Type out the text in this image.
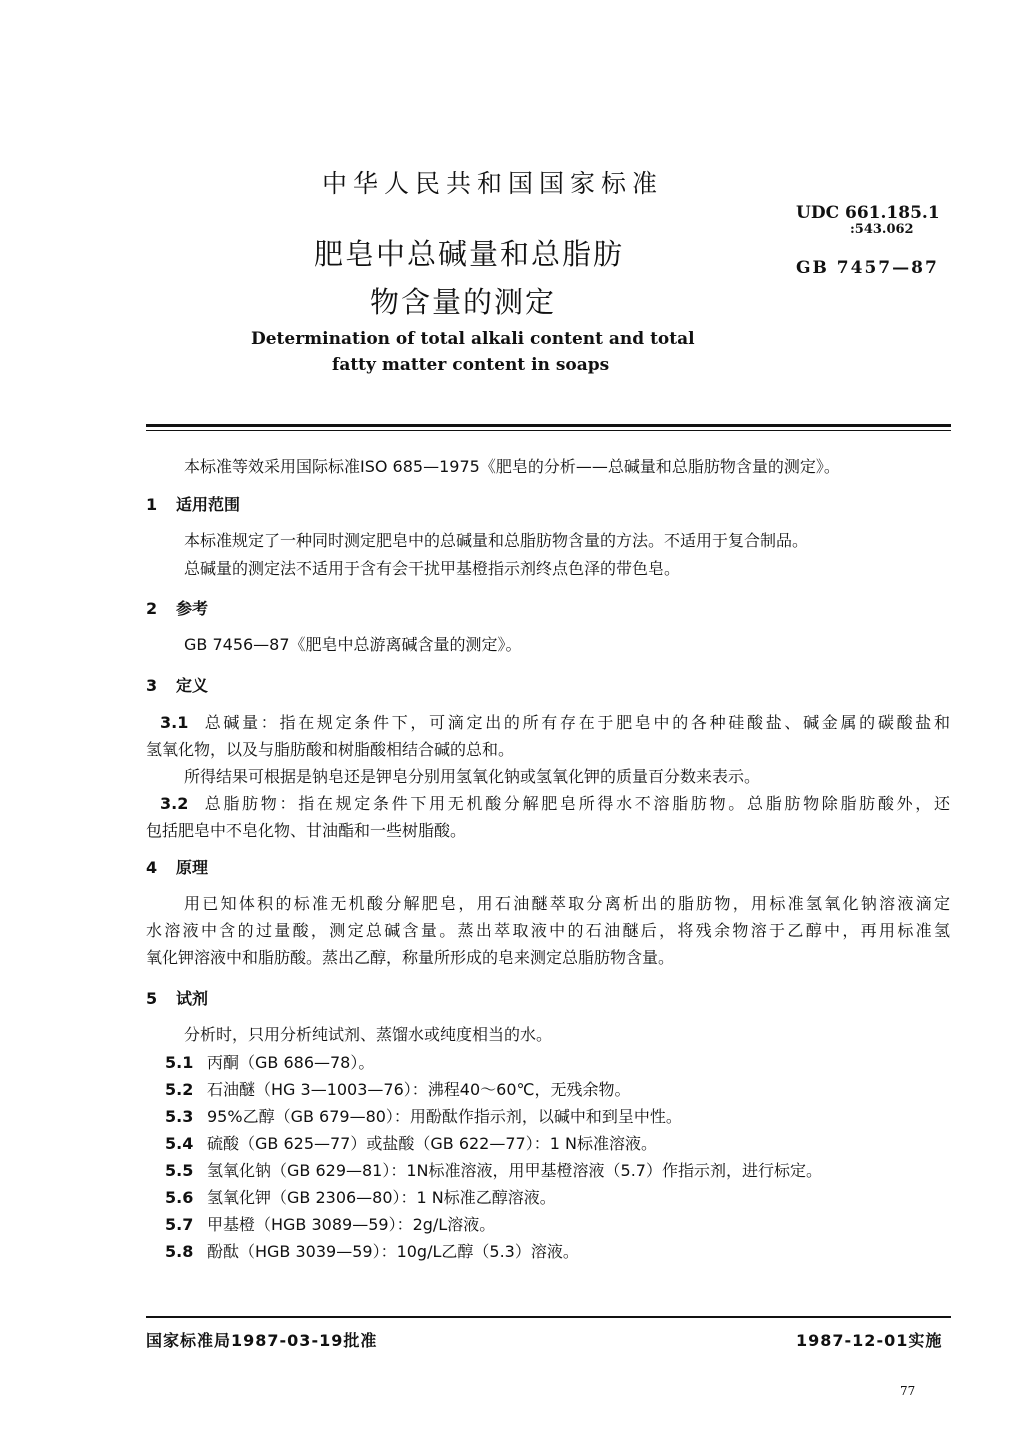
中华人民共和国国家标准
肥皂中总碱量和总脂肪
物含量的测定
UDC 661.185.1
:543.062
GB 7457—87
Determination of total alkali content and total
fatty matter content in soaps
本标准等效采用国际标准ISO 685—1975《肥皂的分析——总碱量和总脂肪物含量的测定》。
1 适用范围
本标准规定了一种同时测定肥皂中的总碱量和总脂肪物含量的方法。不适用于复合制品。
总碱量的测定法不适用于含有会干扰甲基橙指示剂终点色泽的带色皂。
2 参考
GB 7456—87《肥皂中总游离碱含量的测定》。
3 定义
3.1 总碱量：指在规定条件下，可滴定出的所有存在于肥皂中的各种硅酸盐、碱金属的碳酸盐和
氢氧化物，以及与脂肪酸和树脂酸相结合碱的总和。
所得结果可根据是钠皂还是钾皂分别用氢氧化钠或氢氧化钾的质量百分数来表示。
3.2 总脂肪物：指在规定条件下用无机酸分解肥皂所得水不溶脂肪物。总脂肪物除脂肪酸外，还
包括肥皂中不皂化物、甘油酯和一些树脂酸。
4 原理
用已知体积的标准无机酸分解肥皂，用石油醚萃取分离析出的脂肪物，用标准氢氧化钠溶液滴定
水溶液中含的过量酸，测定总碱含量。蒸出萃取液中的石油醚后，将残余物溶于乙醇中，再用标准氢
氧化钾溶液中和脂肪酸。蒸出乙醇，称量所形成的皂来测定总脂肪物含量。
5 试剂
分析时，只用分析纯试剂、蒸馏水或纯度相当的水。
5.1 丙酮（GB 686—78）。
5.2 石油醚（HG 3—1003—76）：沸程40～60℃，无残余物。
5.3 95%乙醇（GB 679—80）：用酚酞作指示剂，以碱中和到呈中性。
5.4 硫酸（GB 625—77）或盐酸（GB 622—77）：1 N标准溶液。
5.5 氢氧化钠（GB 629—81）：1N标准溶液，用甲基橙溶液（5.7）作指示剂，进行标定。
5.6 氢氧化钾（GB 2306—80）：1 N标准乙醇溶液。
5.7 甲基橙（HGB 3089—59）：2g/L溶液。
5.8 酚酞（HGB 3039—59）：10g/L乙醇（5.3）溶液。
国家标准局1987-03-19批准	1987-12-01实施
77
